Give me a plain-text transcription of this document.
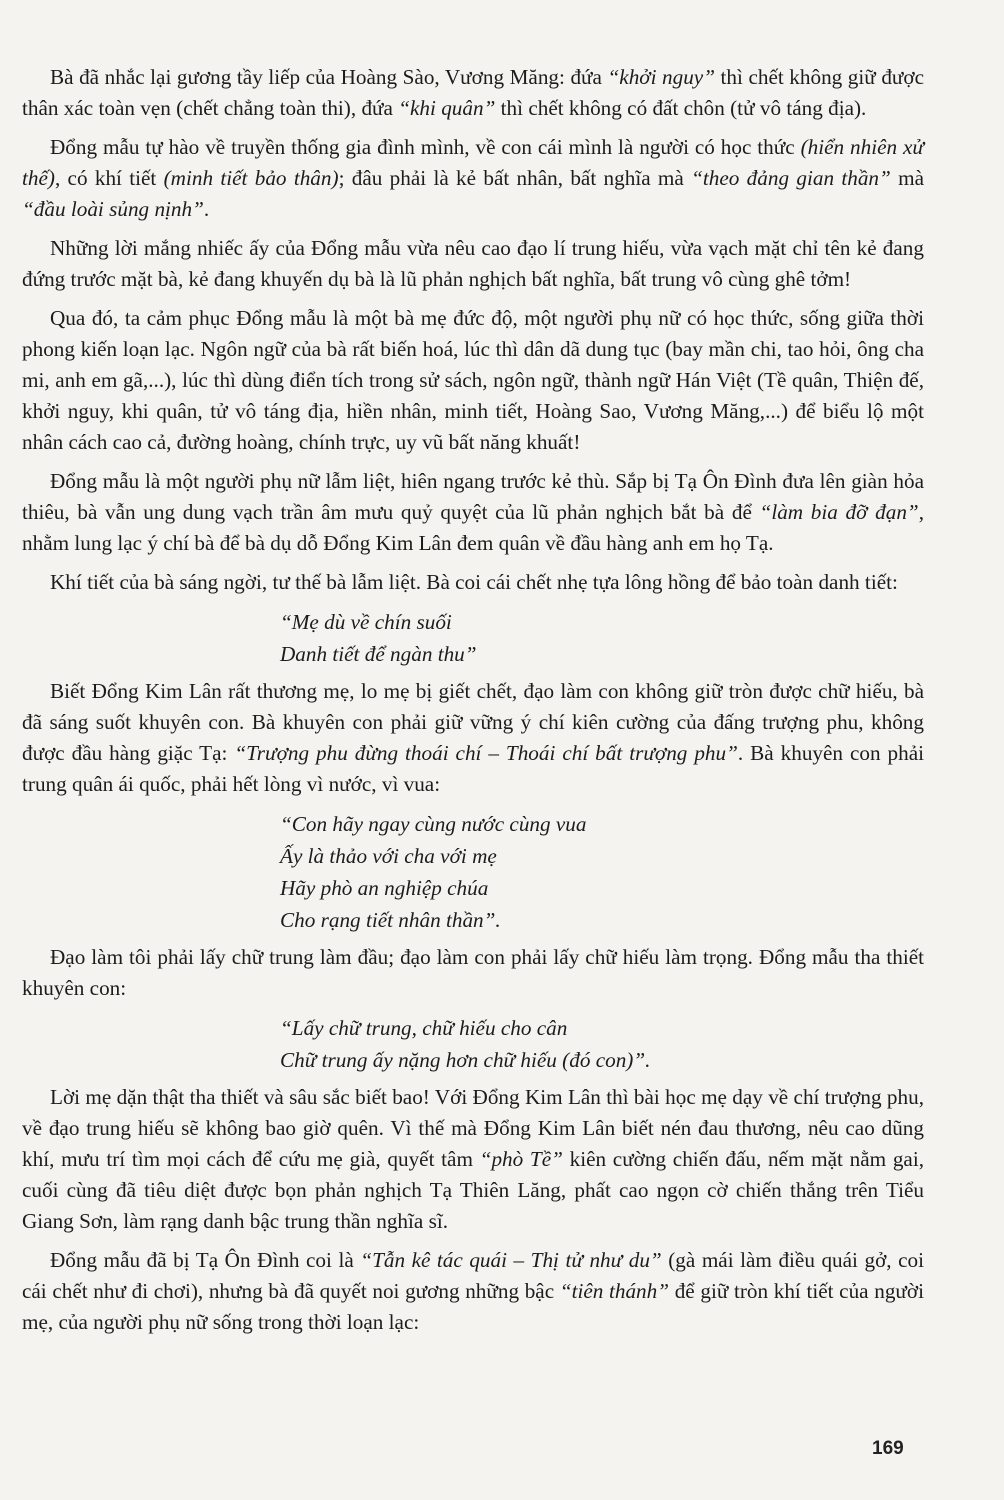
Bà đã nhắc lại gương tầy liếp của Hoàng Sào, Vương Măng: đứa “khởi nguy” thì chết không giữ được thân xác toàn vẹn (chết chẳng toàn thi), đứa “khi quân” thì chết không có đất chôn (tử vô táng địa).

Đổng mẫu tự hào về truyền thống gia đình mình, về con cái mình là người có học thức (hiển nhiên xử thế), có khí tiết (minh tiết bảo thân); đâu phải là kẻ bất nhân, bất nghĩa mà “theo đảng gian thần” mà “đầu loài sủng nịnh”.

Những lời mắng nhiếc ấy của Đổng mẫu vừa nêu cao đạo lí trung hiếu, vừa vạch mặt chỉ tên kẻ đang đứng trước mặt bà, kẻ đang khuyến dụ bà là lũ phản nghịch bất nghĩa, bất trung vô cùng ghê tởm!

Qua đó, ta cảm phục Đổng mẫu là một bà mẹ đức độ, một người phụ nữ có học thức, sống giữa thời phong kiến loạn lạc. Ngôn ngữ của bà rất biến hoá, lúc thì dân dã dung tục (bay mần chi, tao hỏi, ông cha mi, anh em gã,...), lúc thì dùng điển tích trong sử sách, ngôn ngữ, thành ngữ Hán Việt (Tề quân, Thiện đế, khởi nguy, khi quân, tử vô táng địa, hiền nhân, minh tiết, Hoàng Sao, Vương Măng,...) để biểu lộ một nhân cách cao cả, đường hoàng, chính trực, uy vũ bất năng khuất!

Đổng mẫu là một người phụ nữ lẫm liệt, hiên ngang trước kẻ thù. Sắp bị Tạ Ôn Đình đưa lên giàn hỏa thiêu, bà vẫn ung dung vạch trần âm mưu quỷ quyệt của lũ phản nghịch bắt bà để “làm bia đỡ đạn”, nhằm lung lạc ý chí bà để bà dụ dỗ Đổng Kim Lân đem quân về đầu hàng anh em họ Tạ.

Khí tiết của bà sáng ngời, tư thế bà lẫm liệt. Bà coi cái chết nhẹ tựa lông hồng để bảo toàn danh tiết:

“Mẹ dù về chín suối
Danh tiết để ngàn thu”

Biết Đổng Kim Lân rất thương mẹ, lo mẹ bị giết chết, đạo làm con không giữ tròn được chữ hiếu, bà đã sáng suốt khuyên con. Bà khuyên con phải giữ vững ý chí kiên cường của đấng trượng phu, không được đầu hàng giặc Tạ: “Trượng phu đừng thoái chí – Thoái chí bất trượng phu”. Bà khuyên con phải trung quân ái quốc, phải hết lòng vì nước, vì vua:

“Con hãy ngay cùng nước cùng vua
Ấy là thảo với cha với mẹ
Hãy phò an nghiệp chúa
Cho rạng tiết nhân thần”.

Đạo làm tôi phải lấy chữ trung làm đầu; đạo làm con phải lấy chữ hiếu làm trọng. Đổng mẫu tha thiết khuyên con:

“Lấy chữ trung, chữ hiếu cho cân
Chữ trung ấy nặng hơn chữ hiếu (đó con)”.

Lời mẹ dặn thật tha thiết và sâu sắc biết bao! Với Đổng Kim Lân thì bài học mẹ dạy về chí trượng phu, về đạo trung hiếu sẽ không bao giờ quên. Vì thế mà Đổng Kim Lân biết nén đau thương, nêu cao dũng khí, mưu trí tìm mọi cách để cứu mẹ già, quyết tâm “phò Tề” kiên cường chiến đấu, nếm mặt nằm gai, cuối cùng đã tiêu diệt được bọn phản nghịch Tạ Thiên Lăng, phất cao ngọn cờ chiến thắng trên Tiểu Giang Sơn, làm rạng danh bậc trung thần nghĩa sĩ.

Đổng mẫu đã bị Tạ Ôn Đình coi là “Tẫn kê tác quái – Thị tử như du” (gà mái làm điều quái gở, coi cái chết như đi chơi), nhưng bà đã quyết noi gương những bậc “tiên thánh” để giữ tròn khí tiết của người mẹ, của người phụ nữ sống trong thời loạn lạc:

169
